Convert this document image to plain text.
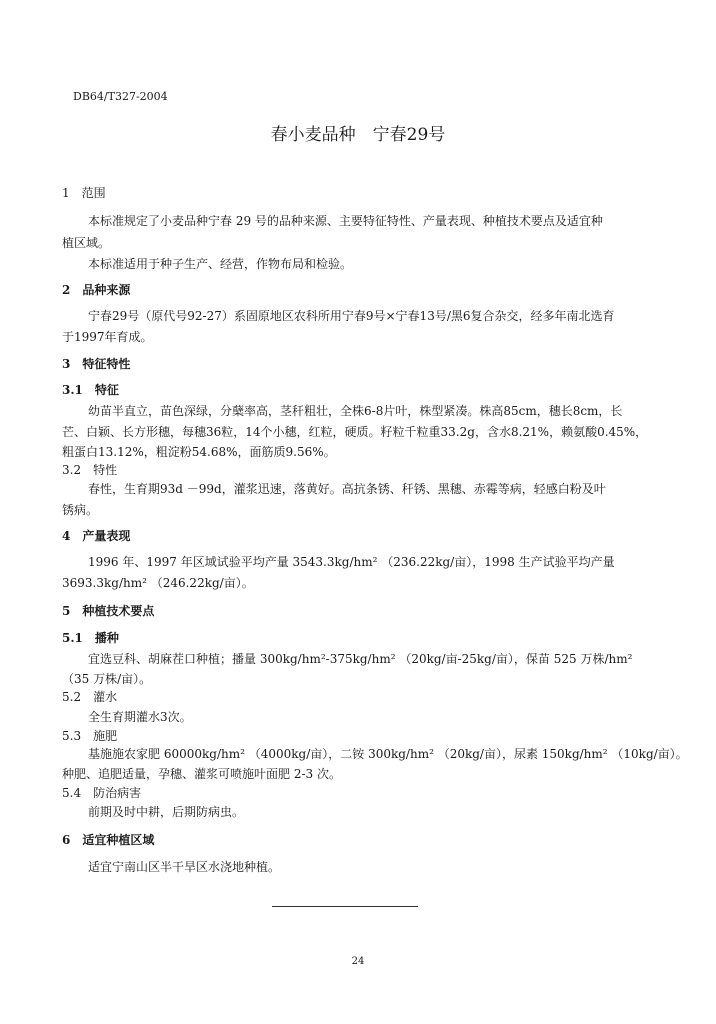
DB64/T327-2004
春小麦品种　宁春29号
1　范围
本标准规定了小麦品种宁春 29 号的品种来源、主要特征特性、产量表现、种植技术要点及适宜种
植区域。
本标准适用于种子生产、经营，作物布局和检验。
2　品种来源
宁春29号（原代号92-27）系固原地区农科所用宁春9号×宁春13号/黑6复合杂交，经多年南北选育
于1997年育成。
3　特征特性
3.1　特征
幼苗半直立，苗色深绿，分蘖率高，茎秆粗壮，全株6-8片叶，株型紧凑。株高85cm，穗长8cm，长
芒、白颖、长方形穗，每穗36粒，14个小穗，红粒，硬质。籽粒千粒重33.2g，含水8.21%，赖氨酸0.45%，
粗蛋白13.12%，粗淀粉54.68%，面筋质9.56%。
3.2　特性
春性，生育期93d －99d，灌浆迅速，落黄好。高抗条锈、秆锈、黑穗、赤霉等病，轻感白粉及叶
锈病。
4　产量表现
1996 年、1997 年区域试验平均产量 3543.3kg/hm² （236.22kg/亩），1998 生产试验平均产量
3693.3kg/hm² （246.22kg/亩）。
5　种植技术要点
5.1　播种
宜选豆科、胡麻茬口种植；播量 300kg/hm²-375kg/hm² （20kg/亩-25kg/亩），保苗 525 万株/hm²
（35 万株/亩）。
5.2　灌水
全生育期灌水3次。
5.3　施肥
基施施农家肥 60000kg/hm² （4000kg/亩），二铵 300kg/hm² （20kg/亩），尿素 150kg/hm² （10kg/亩）。
种肥、追肥适量，孕穗、灌浆可喷施叶面肥 2-3 次。
5.4　防治病害
前期及时中耕，后期防病虫。
6　适宜种植区域
适宜宁南山区半干旱区水浇地种植。
24
